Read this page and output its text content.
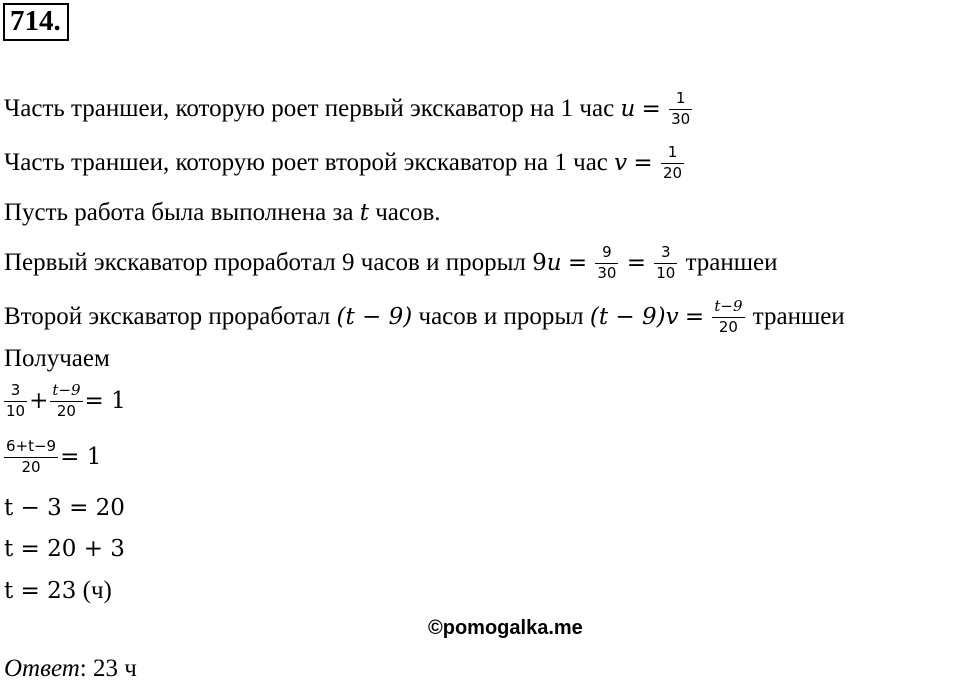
714.
Часть траншеи, которую роет первый экскаватор на 1 час $u = \frac{1}{30}$
Часть траншеи, которую роет второй экскаватор на 1 час $v = \frac{1}{20}$
Пусть работа была выполнена за t часов.
Первый экскаватор проработал 9 часов и прорыл $9u = \frac{9}{30} = \frac{3}{10}$ траншеи
Второй экскаватор проработал (t − 9) часов и прорыл $(t - 9)v = \frac{t-9}{20}$ траншеи
Получаем
$\frac{3}{10} + \frac{t-9}{20} = 1$
$\frac{6+t-9}{20} = 1$
t − 3 = 20
t = 20 + 3
t = 23 (ч)
©pomogalka.me
Ответ: 23 ч
